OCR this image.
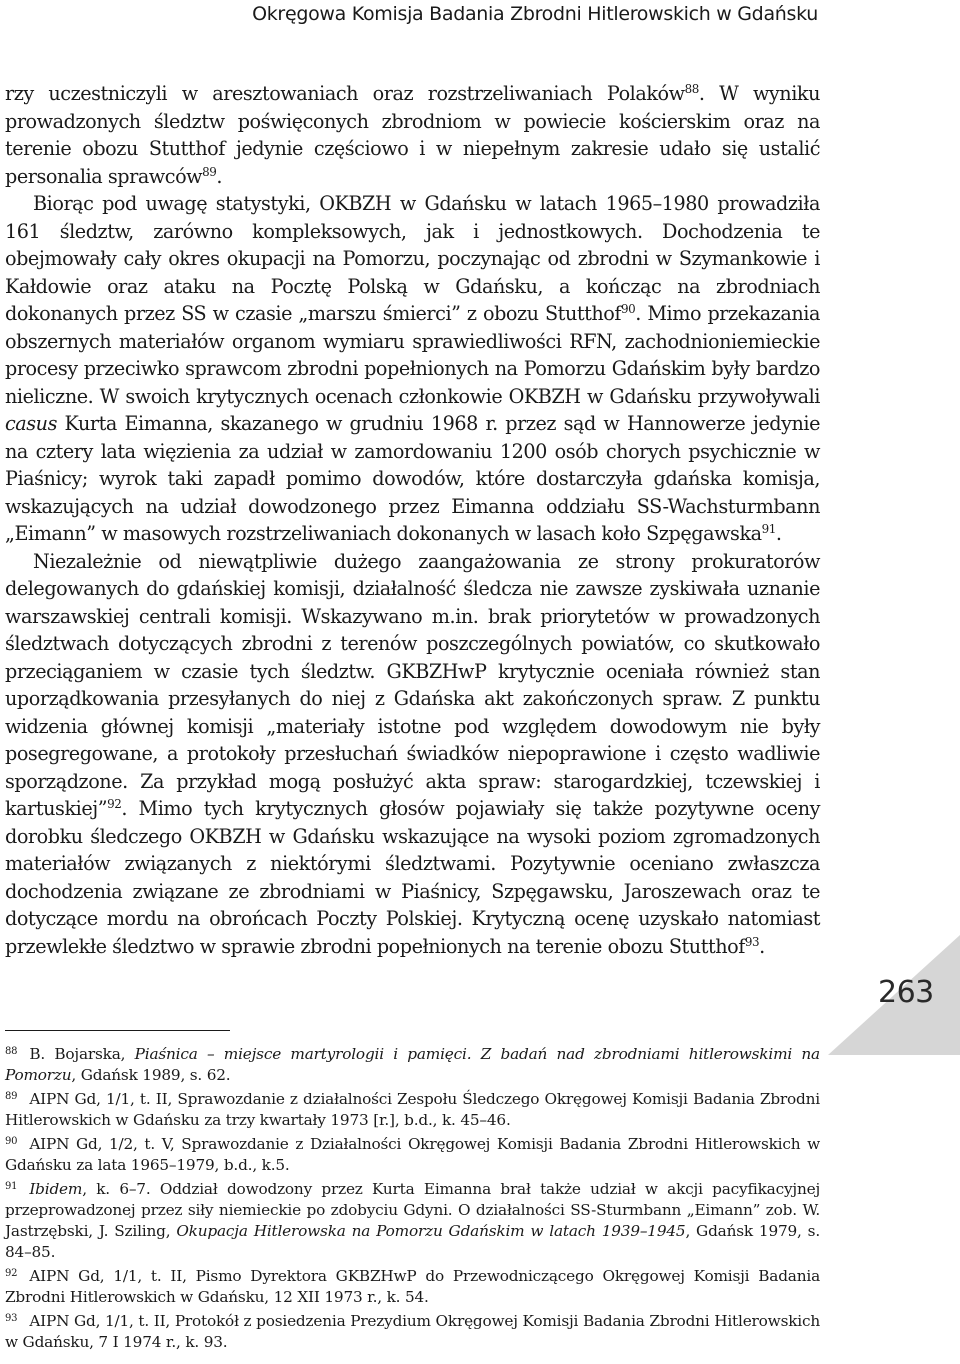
Okręgowa Komisja Badania Zbrodni Hitlerowskich w Gdańsku

rzy uczestniczyli w aresztowaniach oraz rozstrzeliwaniach Polaków$^{88}$. W wyniku prowadzonych śledztw poświęconych zbrodniom w powiecie kościerskim oraz na terenie obozu Stutthof jedynie częściowo i w niepełnym zakresie udało się ustalić personalia sprawców$^{89}$.

Biorąc pod uwagę statystyki, OKBZH w Gdańsku w latach 1965–1980 prowadziła 161 śledztw, zarówno kompleksowych, jak i jednostkowych. Dochodzenia te obejmowały cały okres okupacji na Pomorzu, poczynając od zbrodni w Szymankowie i Kałdowie oraz ataku na Pocztę Polską w Gdańsku, a kończąc na zbrodniach dokonanych przez SS w czasie „marszu śmierci” z obozu Stutthof$^{90}$. Mimo przekazania obszernych materiałów organom wymiaru sprawiedliwości RFN, zachodnioniemieckie procesy przeciwko sprawcom zbrodni popełnionych na Pomorzu Gdańskim były bardzo nieliczne. W swoich krytycznych ocenach członkowie OKBZH w Gdańsku przywoływali casus Kurta Eimanna, skazanego w grudniu 1968 r. przez sąd w Hannowerze jedynie na cztery lata więzienia za udział w zamordowaniu 1200 osób chorych psychicznie w Piaśnicy; wyrok taki zapadł pomimo dowodów, które dostarczyła gdańska komisja, wskazujących na udział dowodzonego przez Eimanna oddziału SS-Wachsturmbann „Eimann” w masowych rozstrzeliwaniach dokonanych w lasach koło Szpęgawska$^{91}$.

Niezależnie od niewątpliwie dużego zaangażowania ze strony prokuratorów delegowanych do gdańskiej komisji, działalność śledcza nie zawsze zyskiwała uznanie warszawskiej centrali komisji. Wskazywano m.in. brak priorytetów w prowadzonych śledztwach dotyczących zbrodni z terenów poszczególnych powiatów, co skutkowało przeciąganiem w czasie tych śledztw. GKBZHwP krytycznie oceniała również stan uporządkowania przesyłanych do niej z Gdańska akt zakończonych spraw. Z punktu widzenia głównej komisji „materiały istotne pod względem dowodowym nie były posegregowane, a protokoły przesłuchań świadków niepoprawione i często wadliwie sporządzone. Za przykład mogą posłużyć akta spraw: starogardzkiej, tczewskiej i kartuskiej”$^{92}$. Mimo tych krytycznych głosów pojawiały się także pozytywne oceny dorobku śledczego OKBZH w Gdańsku wskazujące na wysoki poziom zgromadzonych materiałów związanych z niektórymi śledztwami. Pozytywnie oceniano zwłaszcza dochodzenia związane ze zbrodniami w Piaśnicy, Szpęgawsku, Jaroszewach oraz te dotyczące mordu na obrońcach Poczty Polskiej. Krytyczną ocenę uzyskało natomiast przewlekłe śledztwo w sprawie zbrodni popełnionych na terenie obozu Stutthof$^{93}$.

263

$^{88}$ B. Bojarska, Piaśnica – miejsce martyrologii i pamięci. Z badań nad zbrodniami hitlerowskimi na Pomorzu, Gdańsk 1989, s. 62.

$^{89}$ AIPN Gd, 1/1, t. II, Sprawozdanie z działalności Zespołu Śledczego Okręgowej Komisji Badania Zbrodni Hitlerowskich w Gdańsku za trzy kwartały 1973 [r.], b.d., k. 45–46.

$^{90}$ AIPN Gd, 1/2, t. V, Sprawozdanie z Działalności Okręgowej Komisji Badania Zbrodni Hitlerowskich w Gdańsku za lata 1965–1979, b.d., k.5.

$^{91}$ Ibidem, k. 6–7. Oddział dowodzony przez Kurta Eimanna brał także udział w akcji pacyfikacyjnej przeprowadzonej przez siły niemieckie po zdobyciu Gdyni. O działalności SS-Sturmbann „Eimann” zob. W. Jastrzębski, J. Sziling, Okupacja Hitlerowska na Pomorzu Gdańskim w latach 1939–1945, Gdańsk 1979, s. 84–85.

$^{92}$ AIPN Gd, 1/1, t. II, Pismo Dyrektora GKBZHwP do Przewodniczącego Okręgowej Komisji Badania Zbrodni Hitlerowskich w Gdańsku, 12 XII 1973 r., k. 54.

$^{93}$ AIPN Gd, 1/1, t. II, Protokół z posiedzenia Prezydium Okręgowej Komisji Badania Zbrodni Hitlerowskich w Gdańsku, 7 I 1974 r., k. 93.
